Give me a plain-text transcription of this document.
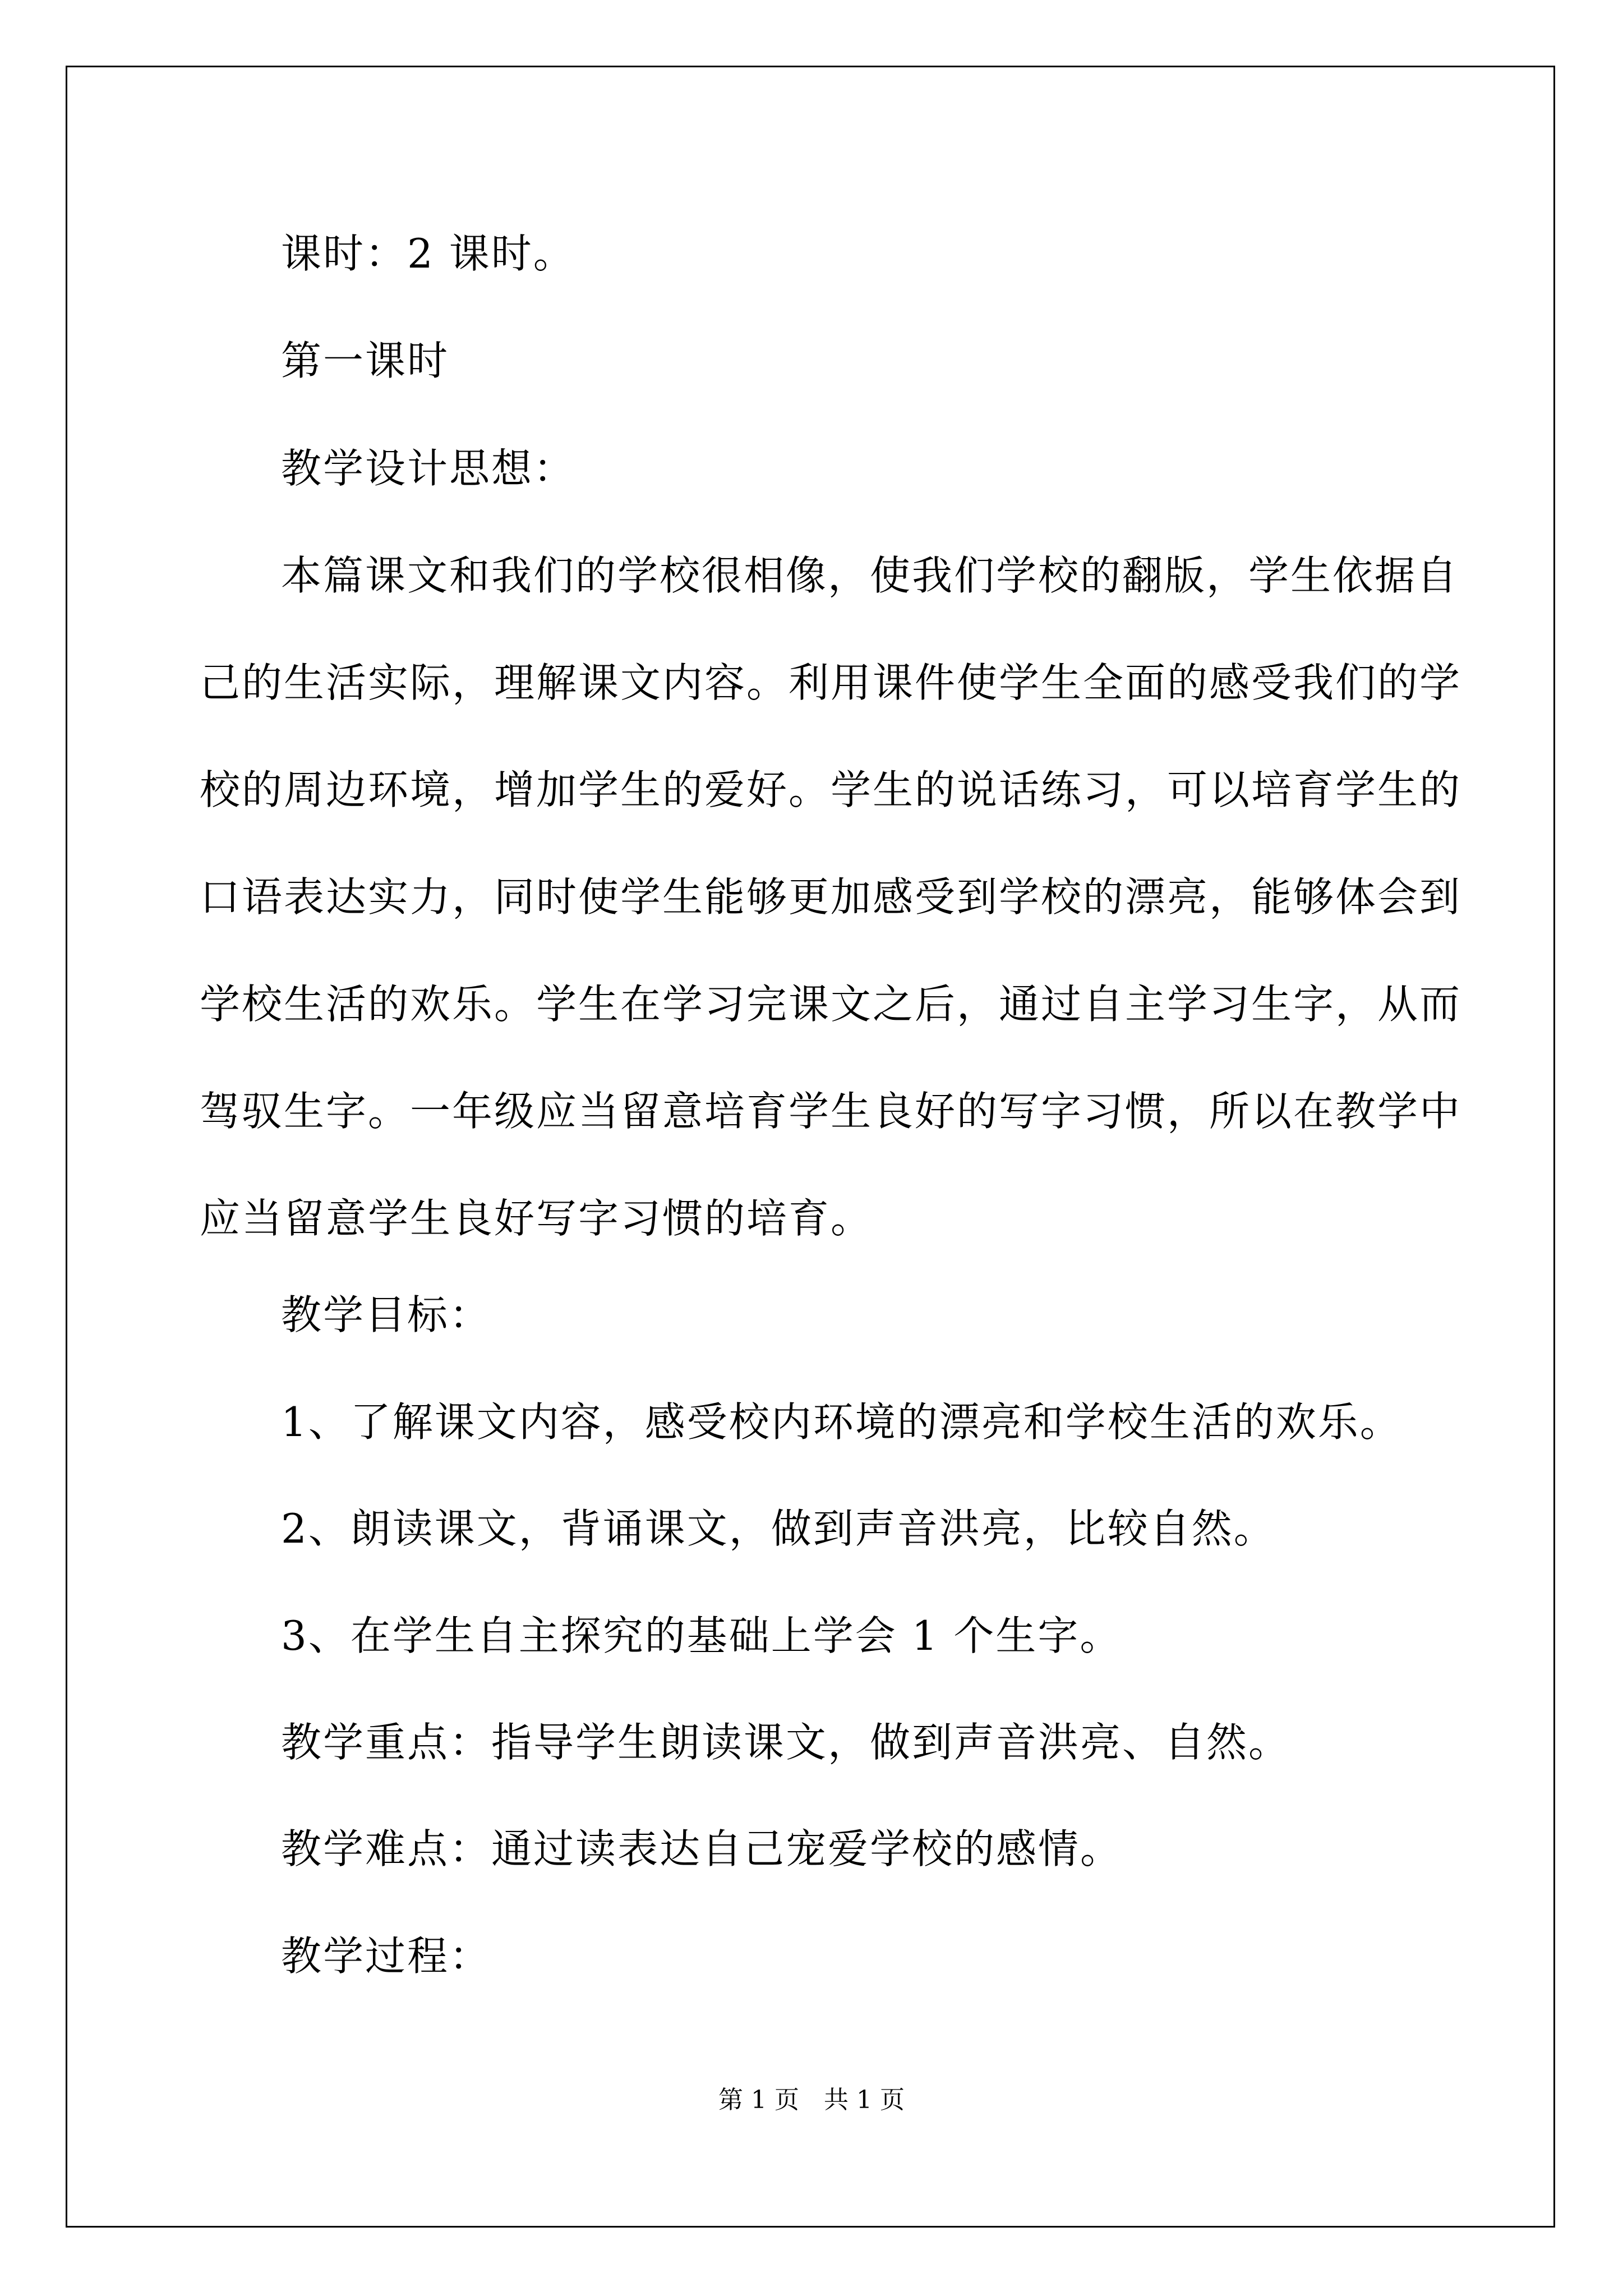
课时：2 课时。
第一课时
教学设计思想：
本篇课文和我们的学校很相像，使我们学校的翻版，学生依据自
己的生活实际，理解课文内容。利用课件使学生全面的感受我们的学
校的周边环境，增加学生的爱好。学生的说话练习，可以培育学生的
口语表达实力，同时使学生能够更加感受到学校的漂亮，能够体会到
学校生活的欢乐。学生在学习完课文之后，通过自主学习生字，从而
驾驭生字。一年级应当留意培育学生良好的写字习惯，所以在教学中
应当留意学生良好写字习惯的培育。
教学目标：
1、了解课文内容，感受校内环境的漂亮和学校生活的欢乐。
2、朗读课文，背诵课文，做到声音洪亮，比较自然。
3、在学生自主探究的基础上学会 1 个生字。
教学重点：指导学生朗读课文，做到声音洪亮、自然。
教学难点：通过读表达自己宠爱学校的感情。
教学过程：
第 1 页　共 1 页
